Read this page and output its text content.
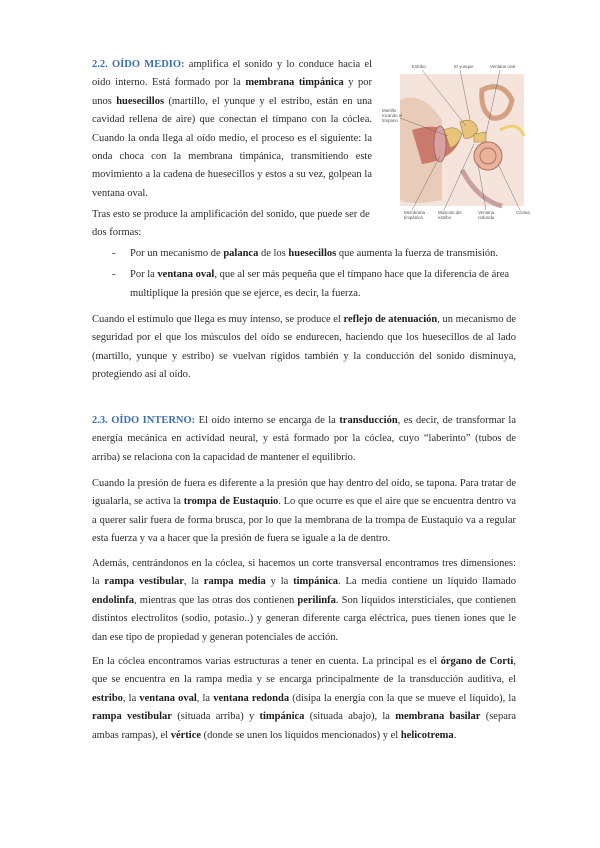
2.2. OÍDO MEDIO: amplifica el sonido y lo conduce hacia el oído interno. Está formado por la membrana timpánica y por unos huesecillos (martillo, el yunque y el estribo, están en una cavidad rellena de aire) que conectan el tímpano con la cóclea. Cuando la onda llega al oído medio, el proceso es el siguiente: la onda choca con la membrana timpánica, transmitiendo este movimiento a la cadena de huesecillos y estos a su vez, golpean la ventana oval.

Tras esto se produce la amplificación del sonido, que puede ser de dos formas:

Estribo	El yunque	Ventana oval
Martillo tocando el tímpano
Membrana timpánica
Músculo del estribo
Ventana redonda
Cóclea
- Por un mecanismo de palanca de los huesecillos que aumenta la fuerza de transmisión.
- Por la ventana oval, que al ser más pequeña que el tímpano hace que la diferencia de área multiplique la presión que se ejerce, es decir, la fuerza.

Cuando el estímulo que llega es muy intenso, se produce el reflejo de atenuación, un mecanismo de seguridad por el que los músculos del oído se endurecen, haciendo que los huesecillos de al lado (martillo, yunque y estribo) se vuelvan rígidos también y la conducción del sonido disminuya, protegiendo así al oído.

2.3. OÍDO INTERNO: El oído interno se encarga de la transducción, es decir, de transformar la energía mecánica en actividad neural, y está formado por la cóclea, cuyo “laberinto” (tubos de arriba) se relaciona con la capacidad de mantener el equilibrio.

Cuando la presión de fuera es diferente a la presión que hay dentro del oído, se tapona. Para tratar de igualarla, se activa la trompa de Eustaquio. Lo que ocurre es que el aire que se encuentra dentro va a querer salir fuera de forma brusca, por lo que la membrana de la trompa de Eustaquio va a regular esta fuerza y va a hacer que la presión de fuera se iguale a la de dentro.

Además, centrándonos en la cóclea, si hacemos un corte transversal encontramos tres dimensiones: la rampa vestibular, la rampa media y la timpánica. La media contiene un líquido llamado endolinfa, mientras que las otras dos contienen perilinfa. Son líquidos intersticiales, que contienen distintos electrolitos (sodio, potasio..) y generan diferente carga eléctrica, pues tienen iones que le dan ese tipo de propiedad y generan potenciales de acción.

En la cóclea encontramos varias estructuras a tener en cuenta. La principal es el órgano de Corti, que se encuentra en la rampa media y se encarga principalmente de la transducción auditiva, el estribo, la ventana oval, la ventana redonda (disipa la energía con la que se mueve el líquido), la rampa vestibular (situada arriba) y timpánica (situada abajo), la membrana basilar (separa ambas rampas), el vértice (donde se unen los líquidos mencionados) y el helicotrema.
